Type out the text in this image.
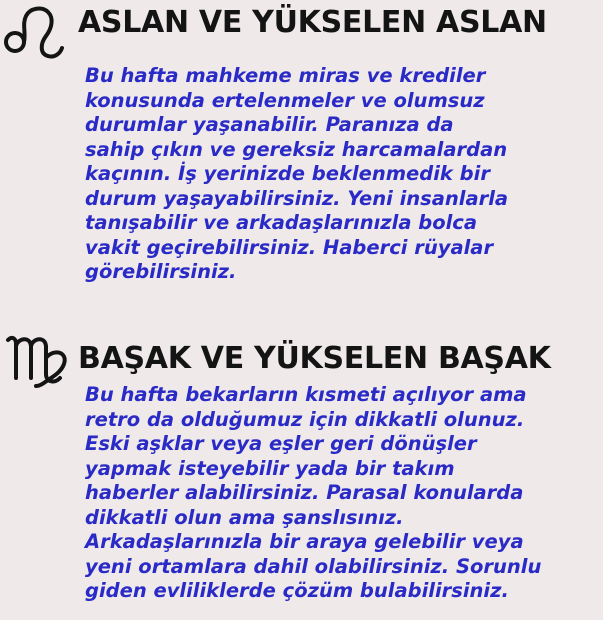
ASLAN VE YÜKSELEN ASLAN

Bu hafta mahkeme miras ve krediler
konusunda ertelenmeler ve olumsuz
durumlar yaşanabilir. Paranıza da
sahip çıkın ve gereksiz harcamalardan
kaçının. İş yerinizde beklenmedik bir
durum yaşayabilirsiniz. Yeni insanlarla
tanışabilir ve arkadaşlarınızla bolca
vakit geçirebilirsiniz. Haberci rüyalar
görebilirsiniz.

BAŞAK VE YÜKSELEN BAŞAK

Bu hafta bekarların kısmeti açılıyor ama
retro da olduğumuz için dikkatli olunuz.
Eski aşklar veya eşler geri dönüşler
yapmak isteyebilir yada bir takım
haberler alabilirsiniz. Parasal konularda
dikkatli olun ama şanslısınız.
Arkadaşlarınızla bir araya gelebilir veya
yeni ortamlara dahil olabilirsiniz. Sorunlu
giden evliliklerde çözüm bulabilirsiniz.
